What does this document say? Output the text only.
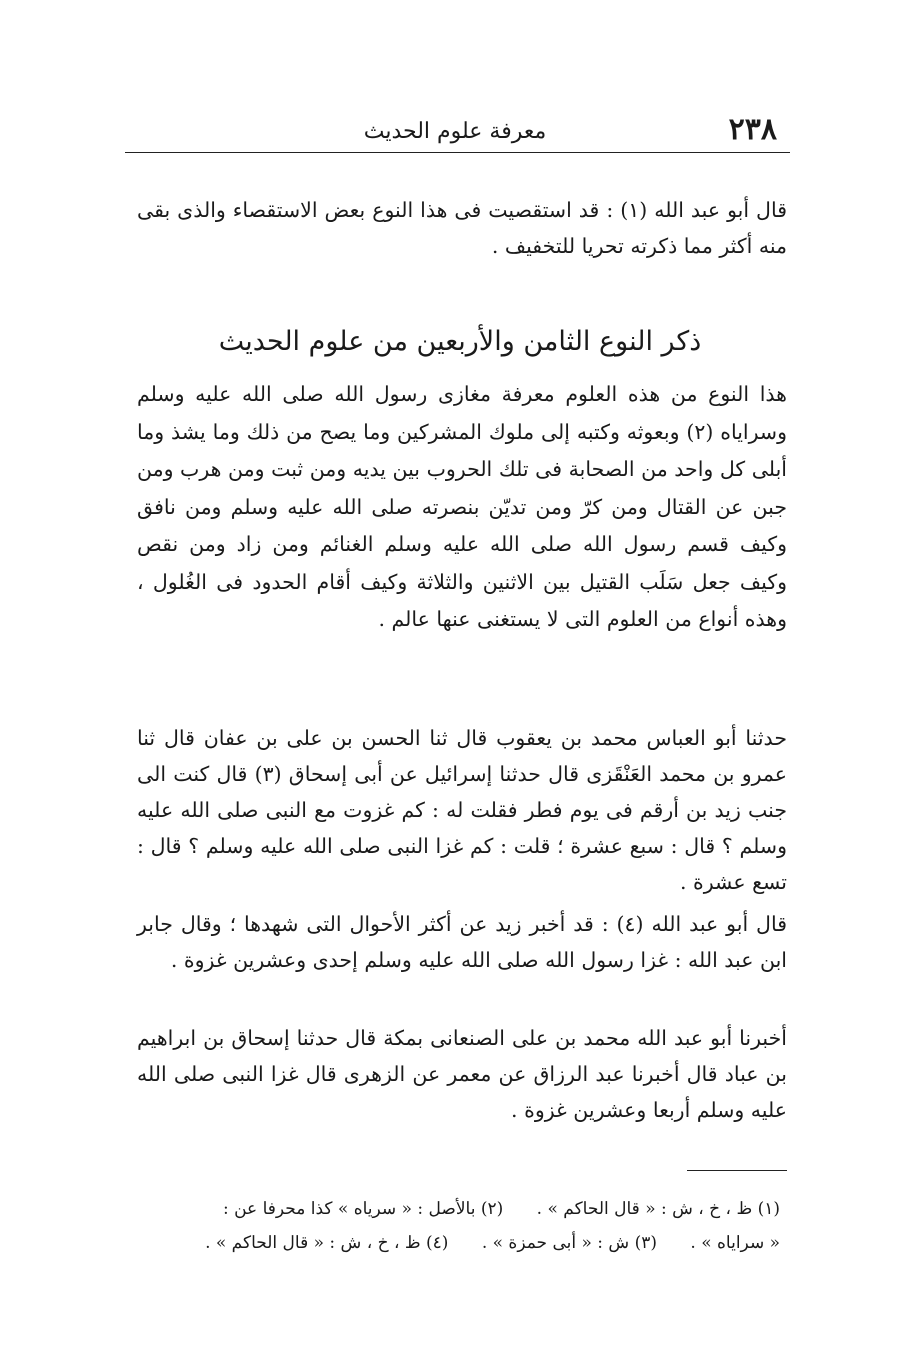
٢٣٨
معرفة علوم الحديث

قال أبو عبد الله (١) : قد استقصيت فى هذا النوع بعض الاستقصاء والذى بقى منه أكثر مما ذكرته تحريا للتخفيف .

ذكر النوع الثامن والأربعين من علوم الحديث

هذا النوع من هذه العلوم معرفة مغازى رسول الله صلى الله عليه وسلم وسراياه (٢) وبعوثه وكتبه إلى ملوك المشركين وما يصح من ذلك وما يشذ وما أبلى كل واحد من الصحابة فى تلك الحروب بين يديه ومن ثبت ومن هرب ومن جبن عن القتال ومن كرّ ومن تديّن بنصرته صلى الله عليه وسلم ومن نافق وكيف قسم رسول الله صلى الله عليه وسلم الغنائم ومن زاد ومن نقص وكيف جعل سَلَب القتيل بين الاثنين والثلاثة وكيف أقام الحدود فى الغُلول ، وهذه أنواع من العلوم التى لا يستغنى عنها عالم .

حدثنا أبو العباس محمد بن يعقوب قال ثنا الحسن بن على بن عفان قال ثنا عمرو بن محمد العَنْقَزى قال حدثنا إسرائيل عن أبى إسحاق (٣) قال كنت الى جنب زيد بن أرقم فى يوم فطر فقلت له : كم غزوت مع النبى صلى الله عليه وسلم ؟ قال : سبع عشرة ؛ قلت : كم غزا النبى صلى الله عليه وسلم ؟ قال : تسع عشرة .

قال أبو عبد الله (٤) : قد أخبر زيد عن أكثر الأحوال التى شهدها ؛ وقال جابر ابن عبد الله : غزا رسول الله صلى الله عليه وسلم إحدى وعشرين غزوة .

أخبرنا أبو عبد الله محمد بن على الصنعانى بمكة قال حدثنا إسحاق بن ابراهيم بن عباد قال أخبرنا عبد الرزاق عن معمر عن الزهرى قال غزا النبى صلى الله عليه وسلم أربعا وعشرين غزوة .

(١) ظ ، خ ، ش : « قال الحاكم » . (٢) بالأصل : « سرياه » كذا محرفا عن :
« سراياه » . (٣) ش : « أبى حمزة » . (٤) ظ ، خ ، ش : « قال الحاكم » .
